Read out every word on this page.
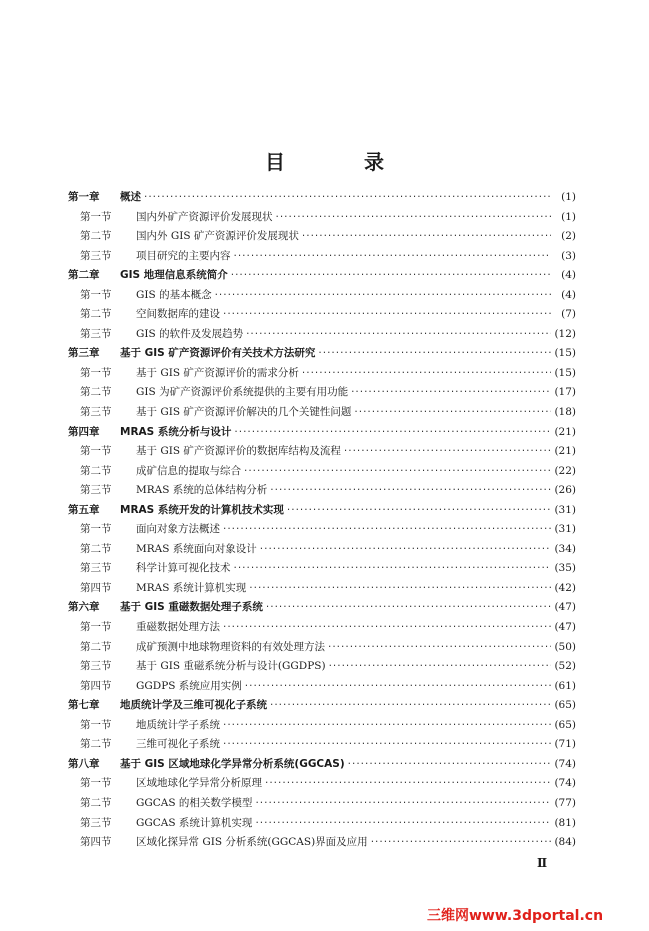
目 录
第一章	概述 ·····	(1)
第一节	国内外矿产资源评价发展现状 ·····	(1)
第二节	国内外 GIS 矿产资源评价发展现状 ·····	(2)
第三节	项目研究的主要内容 ·····	(3)
第二章	GIS 地理信息系统简介 ·····	(4)
第一节	GIS 的基本概念 ·····	(4)
第二节	空间数据库的建设 ·····	(7)
第三节	GIS 的软件及发展趋势 ·····	(12)
第三章	基于 GIS 矿产资源评价有关技术方法研究 ·····	(15)
第一节	基于 GIS 矿产资源评价的需求分析 ·····	(15)
第二节	GIS 为矿产资源评价系统提供的主要有用功能 ·····	(17)
第三节	基于 GIS 矿产资源评价解决的几个关键性问题 ·····	(18)
第四章	MRAS 系统分析与设计 ·····	(21)
第一节	基于 GIS 矿产资源评价的数据库结构及流程 ·····	(21)
第二节	成矿信息的提取与综合 ·····	(22)
第三节	MRAS 系统的总体结构分析 ·····	(26)
第五章	MRAS 系统开发的计算机技术实现 ·····	(31)
第一节	面向对象方法概述 ·····	(31)
第二节	MRAS 系统面向对象设计 ·····	(34)
第三节	科学计算可视化技术 ·····	(35)
第四节	MRAS 系统计算机实现 ·····	(42)
第六章	基于 GIS 重磁数据处理子系统 ·····	(47)
第一节	重磁数据处理方法 ·····	(47)
第二节	成矿预测中地球物理资料的有效处理方法 ·····	(50)
第三节	基于 GIS 重磁系统分析与设计(GGDPS) ·····	(52)
第四节	GGDPS 系统应用实例 ·····	(61)
第七章	地质统计学及三维可视化子系统 ·····	(65)
第一节	地质统计学子系统 ·····	(65)
第二节	三维可视化子系统 ·····	(71)
第八章	基于 GIS 区域地球化学异常分析系统(GGCAS) ·····	(74)
第一节	区域地球化学异常分析原理 ·····	(74)
第二节	GGCAS 的相关数学模型 ·····	(77)
第三节	GGCAS 系统计算机实现 ·····	(81)
第四节	区域化探异常 GIS 分析系统(GGCAS)界面及应用 ·····	(84)
Ⅱ
三维网www.3dportal.cn
